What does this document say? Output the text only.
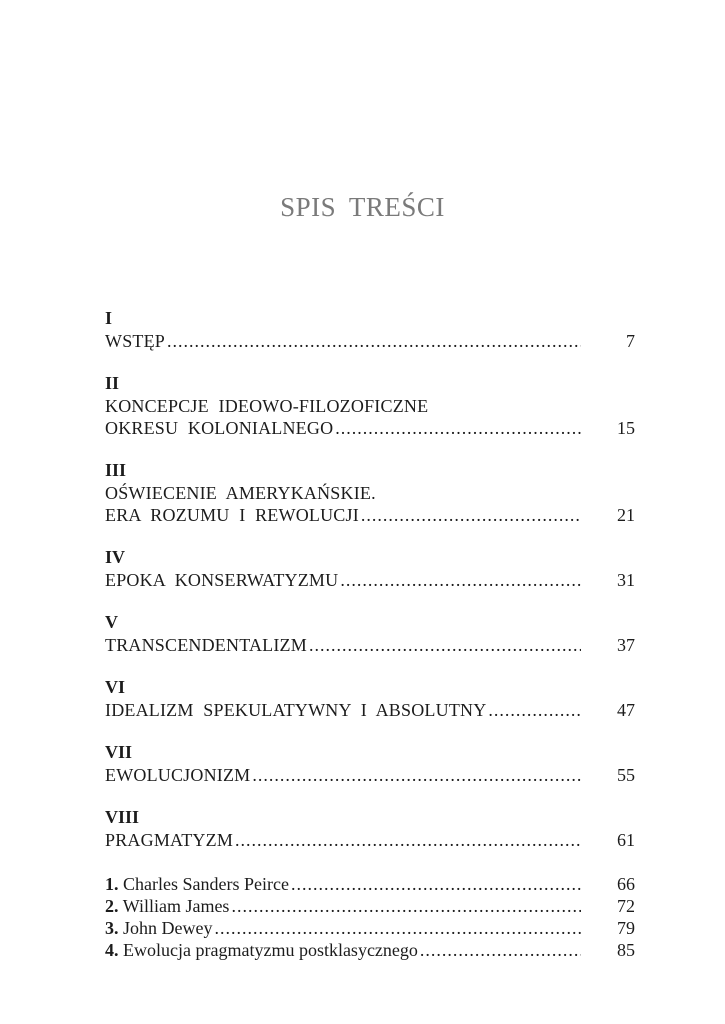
SPIS TREŚCI
I
WSTĘP .....	7
II
KONCEPCJE IDEOWO-FILOZOFICZNE
OKRESU KOLONIALNEGO .....	15
III
OŚWIECENIE AMERYKAŃSKIE.
ERA ROZUMU I REWOLUCJI .....	21
IV
EPOKA KONSERWATYZMU .....	31
V
TRANSCENDENTALIZM .....	37
VI
IDEALIZM SPEKULATYWNY I ABSOLUTNY .....	47
VII
EWOLUCJONIZM .....	55
VIII
PRAGMATYZM .....	61
1. Charles Sanders Peirce .....	66
2. William James .....	72
3. John Dewey .....	79
4. Ewolucja pragmatyzmu postklasycznego .....	85
